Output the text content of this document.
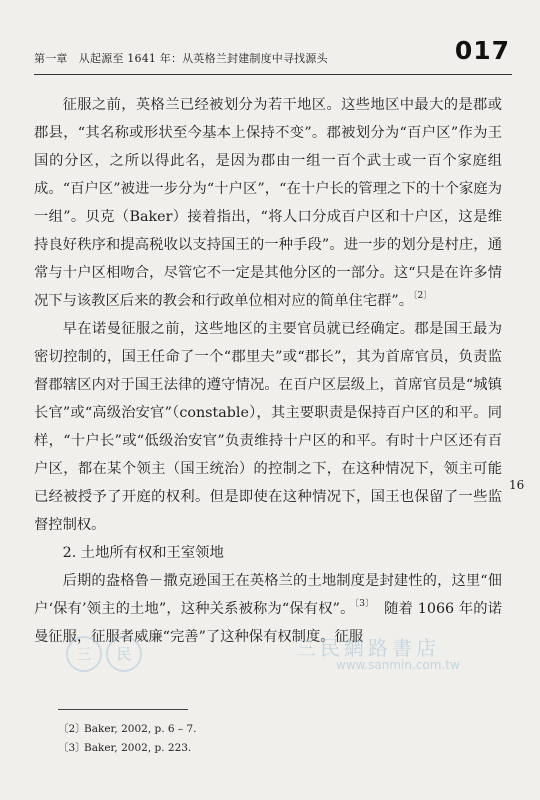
第一章　从起源至 1641 年：从英格兰封建制度中寻找源头	017

征服之前，英格兰已经被划分为若干地区。这些地区中最大的是郡或郡县，“其名称或形状至今基本上保持不变”。郡被划分为“百户区”作为王国的分区，之所以得此名，是因为郡由一组一百个武士或一百个家庭组成。“百户区”被进一步分为“十户区”，“在十户长的管理之下的十个家庭为一组”。贝克（Baker）接着指出，“将人口分成百户区和十户区，这是维持良好秩序和提高税收以支持国王的一种手段”。进一步的划分是村庄，通常与十户区相吻合，尽管它不一定是其他分区的一部分。这“只是在许多情况下与该教区后来的教会和行政单位相对应的简单住宅群”。$^{〔2〕}$

早在诺曼征服之前，这些地区的主要官员就已经确定。郡是国王最为密切控制的，国王任命了一个“郡里夫”或“郡长”，其为首席官员，负责监督郡辖区内对于国王法律的遵守情况。在百户区层级上，首席官员是“城镇长官”或“高级治安官”（constable），其主要职责是保持百户区的和平。同样，“十户长”或“低级治安官”负责维持十户区的和平。有时十户区还有百户区，都在某个领主（国王统治）的控制之下，在这种情况下，领主可能已经被授予了开庭的权利。但是即使在这种情况下，国王也保留了一些监督控制权。

2. 土地所有权和王室领地

后期的盎格鲁－撒克逊国王在英格兰的土地制度是封建性的，这里“佃户‘保有’领主的土地”，这种关系被称为“保有权”。$^{〔3〕}$　随着 1066 年的诺曼征服，征服者威廉“完善”了这种保有权制度。征服

16
三	民	三民網路書店
www.sanmin.com.tw
〔2〕Baker, 2002, p. 6 – 7.
〔3〕Baker, 2002, p. 223.
